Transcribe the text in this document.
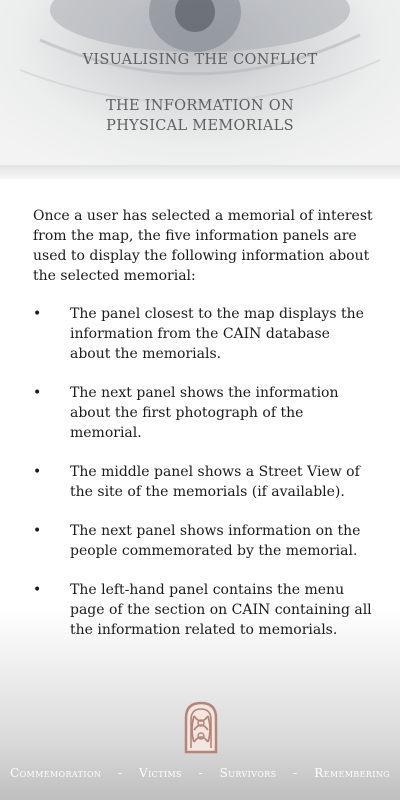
VISUALISING THE CONFLICT
THE INFORMATION ON
PHYSICAL MEMORIALS

Once a user has selected a memorial of interest from the map, the five information panels are used to display the following information about the selected memorial:

• The panel closest to the map displays the information from the CAIN database about the memorials.
• The next panel shows the information about the first photograph of the memorial.
• The middle panel shows a Street View of the site of the memorials (if available).
• The next panel shows information on the people commemorated by the memorial.
• The left-hand panel contains the menu page of the section on CAIN containing all the information related to memorials.
Commemoration - Victims - Survivors - Remembering
